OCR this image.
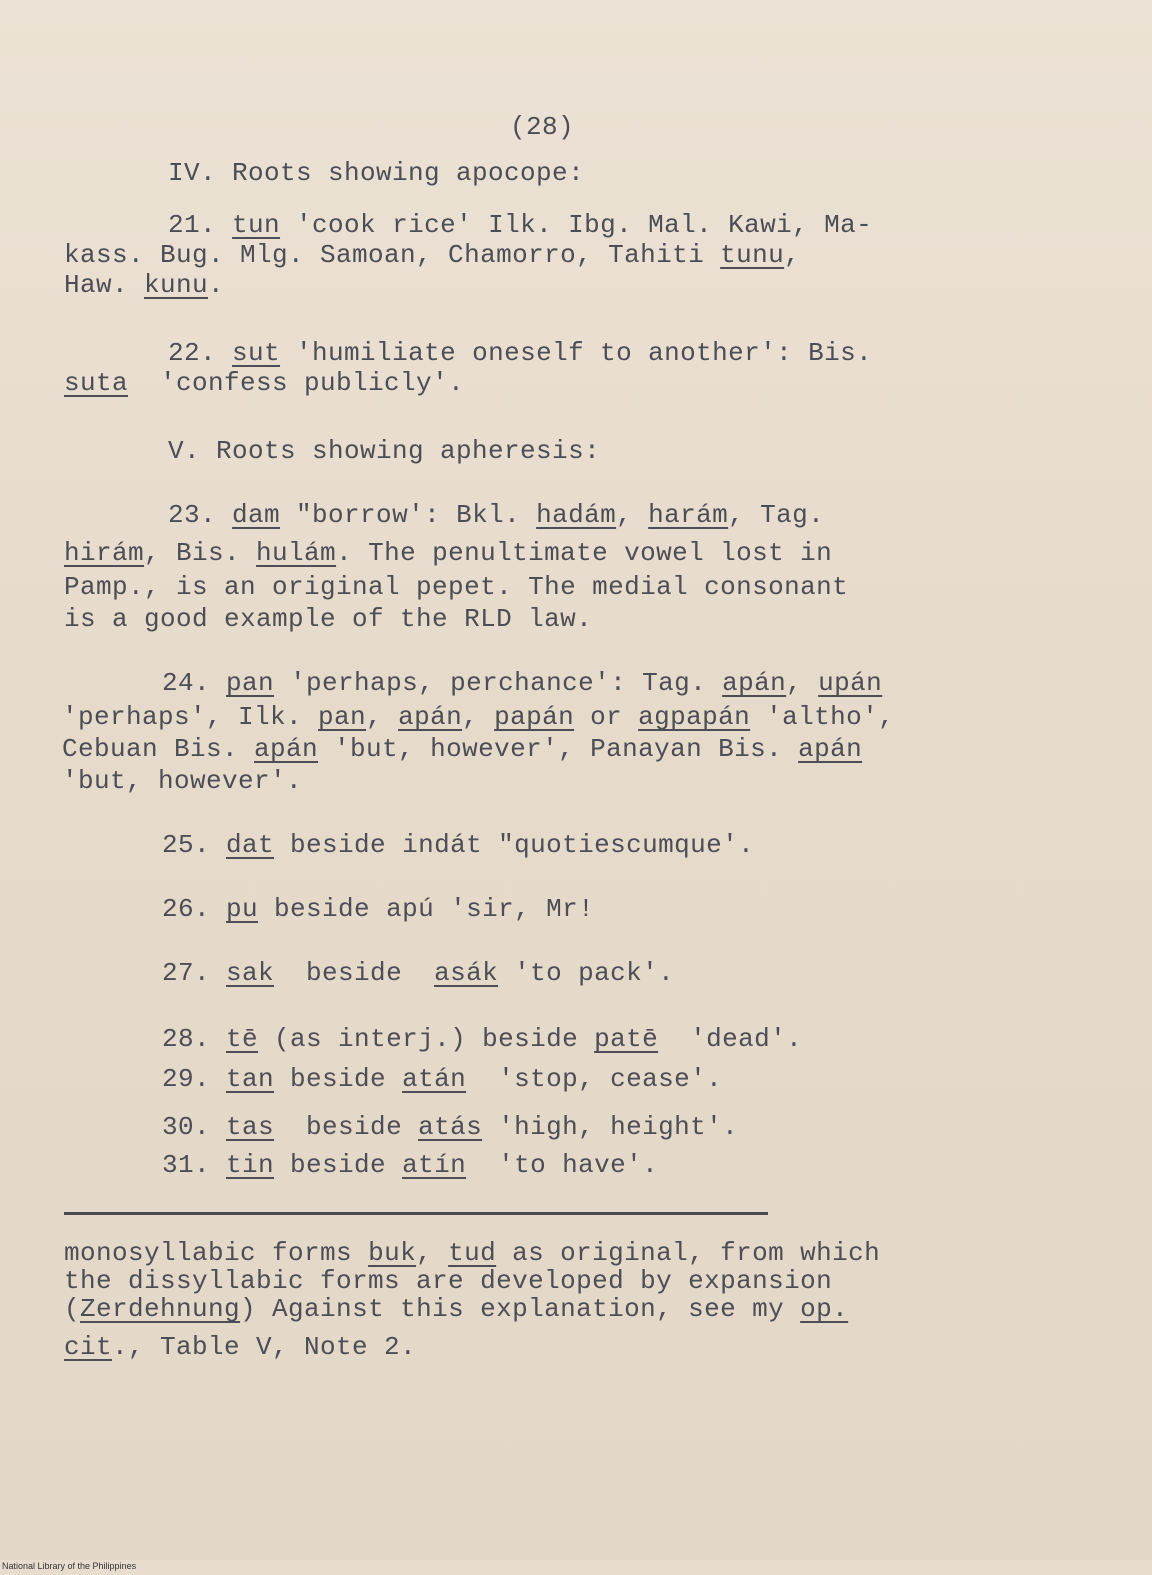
(28)
IV. Roots showing apocope:
21. tun 'cook rice' Ilk. Ibg. Mal. Kawi, Ma-
kass. Bug. Mlg. Samoan, Chamorro, Tahiti tunu,
Haw. kunu.
22. sut 'humiliate oneself to another': Bis.
suta  'confess publicly'.
V. Roots showing apheresis:
23. dam "borrow': Bkl. hadám, harám, Tag.
hirám, Bis. hulám. The penultimate vowel lost in
Pamp., is an original pepet. The medial consonant
is a good example of the RLD law.
24. pan 'perhaps, perchance': Tag. apán, upán
'perhaps', Ilk. pan, apán, papán or agpapán 'altho',
Cebuan Bis. apán 'but, however', Panayan Bis. apán
'but, however'.
25. dat beside indát "quotiescumque'.
26. pu beside apú 'sir, Mr!
27. sak  beside  asák 'to pack'.
28. tē (as interj.) beside patē  'dead'.
29. tan beside atán  'stop, cease'.
30. tas  beside atás 'high, height'.
31. tin beside atín  'to have'.
monosyllabic forms buk, tud as original, from which
the dissyllabic forms are developed by expansion
(Zerdehnung) Against this explanation, see my op.
cit., Table V, Note 2.
National Library of the Philippines
